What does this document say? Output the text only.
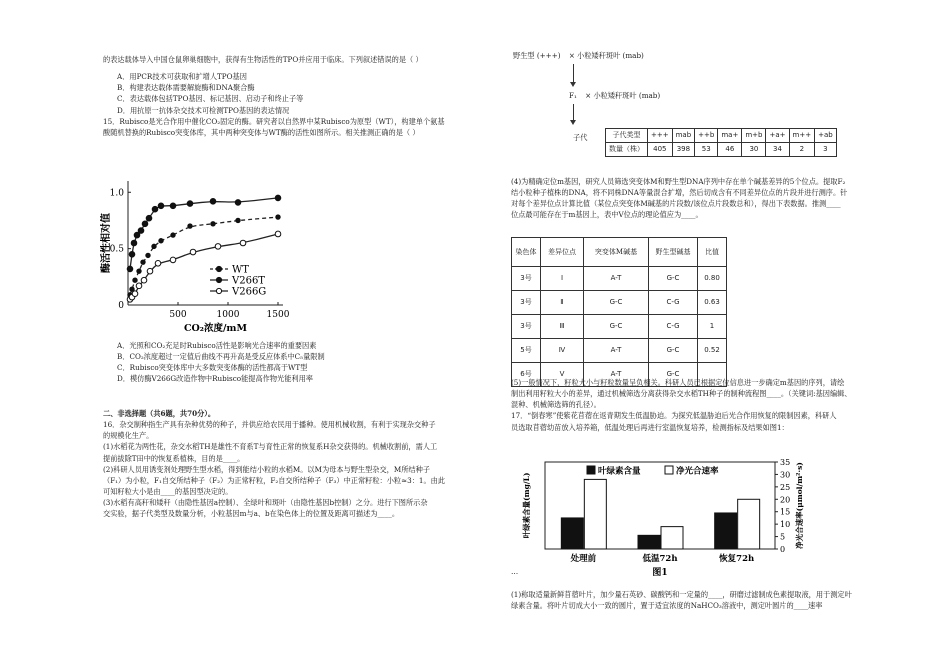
的表达载体导入中国仓鼠卵巢细胞中，获得有生物活性的TPO并应用于临床。下列叙述错误的是（ ）

A．用PCR技术可获取和扩增人TPO基因

B．构建表达载体需要解旋酶和DNA聚合酶

C．表达载体包括TPO基因、标记基因、启动子和终止子等

D．用抗原一抗体杂交技术可检测TPO基因的表达情况

15．Rubisco是光合作用中催化CO₂固定的酶。研究者以自然界中某Rubisco为原型（WT），构建单个氨基

酸随机替换的Rubisco突变体库，其中两种突变体与WT酶的活性如图所示。相关推测正确的是（ ）

0
0.5
1.0
500	1000	1500
CO₂浓度/mM
酶活性相对值	WT
V266T
V266G

A．光照和CO₂充足时Rubisco活性是影响光合速率的重要因素

B．CO₂浓度超过一定值后曲线不再升高是受反应体系中C₅量限制

C．Rubisco突变体库中大多数突变体酶的活性都高于WT型

D．模仿酶V266G改造作物中Rubisco能提高作物光能利用率

二、非选择题（共6题，共70分）。

16．杂交制种指生产具有杂种优势的种子，并供应给农民用于播种。使用机械收割，有利于实现杂交种子

的规模化生产。

(1)水稻花为两性花，杂交水稻TH是雄性不育系T与育性正常的恢复系H杂交获得的。机械收割前，需人工

提前拔除T田中的恢复系植株，目的是____。

(2)科研人员用诱变剂处理野生型水稻，得到能结小粒的水稻M。以M为母本与野生型杂交，M所结种子

（F₁）为小粒，F₁自交所结种子（F₂）为正常籽粒，F₂自交所结种子（F₃）中正常籽粒：小粒≈3：1。由此

可知籽粒大小是由____的基因型决定的。

(3)水稻有高秆和矮秆（由隐性基因a控制）、全绿叶和斑叶（由隐性基因b控制）之分。进行下图所示杂

交实验，据子代类型及数量分析，小粒基因m与a、b在染色体上的位置及距离可描述为____。

野生型 (+++) × 小粒矮秆斑叶 (mab)
F₁ × 小粒矮秆斑叶 (mab)
子代	子代类型	+++	mab	++b	ma+	m+b	+a+	m++	+ab
数量（株）	405	398	53	46	30	34	2	3

(4)为精确定位m基因，研究人员筛选突变体M和野生型DNA序列中存在单个碱基差异的5个位点。提取F₂

结小粒种子植株的DNA，将不同株DNA等量混合扩增，然后切成含有不同差异位点的片段并进行测序。针

对每个差异位点计算比值（某位点突变体M碱基的片段数/该位点片段数总和），得出下表数据。推测____

位点最可能存在于m基因上，表中V位点的理论值应为____。

染色体	差异位点	突变体M碱基	野生型碱基	比值
3号	Ⅰ	A-T	G-C	0.80
3号	Ⅱ	G-C	C-G	0.63
3号	Ⅲ	G-C	C-G	1
5号	Ⅳ	A-T	G-C	0.52
6号	Ⅴ	A-T	G-C	

(5)一般情况下，籽粒大小与籽粒数量呈负相关。科研人员已根据定位信息进一步确定m基因的序列，请绘

制出利用籽粒大小的差异，通过机械筛选分离获得杂交水稻TH种子的制种流程图____。（关键词:基因编辑、

混种、机械筛选筛的孔径）。

17．“倒春寒”使紫花苜蓿在返青期发生低温胁迫。为探究低温胁迫后光合作用恢复的限制因素，科研人

员选取苜蓿幼苗放入培养箱，低温处理后再进行室温恢复培养，检测指标及结果如图1：

0
5
10
15
20
25
30
35
叶绿素含量(mg/L)	净光合速率(μmol/m²·s)
处理前	低温72h	恢复72h
叶绿素含量	净光合速率
图1
…

(1)称取适量新鲜苜蓿叶片，加少量石英砂、碳酸钙和一定量的____，研磨过滤制成色素提取液，用于测定叶

绿素含量。将叶片切成大小一致的圆片，置于适宜浓度的NaHCO₃溶液中，测定叶圆片的____速率
